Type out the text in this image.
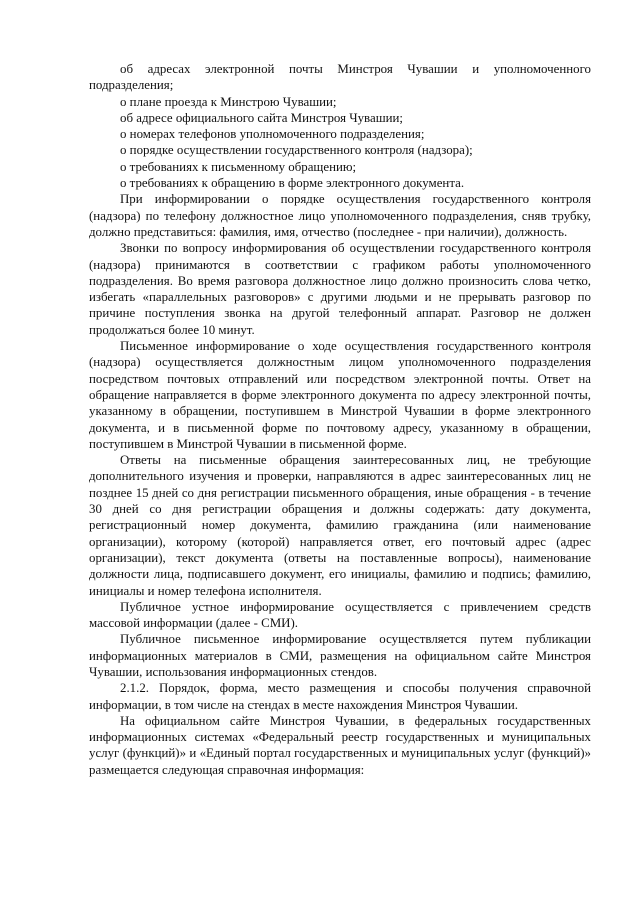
об адресах электронной почты Минстроя Чувашии и уполномоченного подразделения;

о плане проезда к Минстрою Чувашии;

об адресе официального сайта Минстроя Чувашии;

о номерах телефонов уполномоченного подразделения;

о порядке осуществлении государственного контроля (надзора);

о требованиях к письменному обращению;

о требованиях к обращению в форме электронного документа.

При информировании о порядке осуществления государственного контроля (надзора) по телефону должностное лицо уполномоченного подразделения, сняв трубку, должно представиться: фамилия, имя, отчество (последнее - при наличии), должность.

Звонки по вопросу информирования об осуществлении государственного контроля (надзора) принимаются в соответствии с графиком работы уполномоченного подразделения. Во время разговора должностное лицо должно произносить слова четко, избегать «параллельных разговоров» с другими людьми и не прерывать разговор по причине поступления звонка на другой телефонный аппарат. Разговор не должен продолжаться более 10 минут.

Письменное информирование о ходе осуществления государственного контроля (надзора) осуществляется должностным лицом уполномоченного подразделения посредством почтовых отправлений или посредством электронной почты. Ответ на обращение направляется в форме электронного документа по адресу электронной почты, указанному в обращении, поступившем в Минстрой Чувашии в форме электронного документа, и в письменной форме по почтовому адресу, указанному в обращении, поступившем в Минстрой Чувашии в письменной форме.

Ответы на письменные обращения заинтересованных лиц, не требующие дополнительного изучения и проверки, направляются в адрес заинтересованных лиц не позднее 15 дней со дня регистрации письменного обращения, иные обращения - в течение 30 дней со дня регистрации обращения и должны содержать: дату документа, регистрационный номер документа, фамилию гражданина (или наименование организации), которому (которой) направляется ответ, его почтовый адрес (адрес организации), текст документа (ответы на поставленные вопросы), наименование должности лица, подписавшего документ, его инициалы, фамилию и подпись; фамилию, инициалы и номер телефона исполнителя.

Публичное устное информирование осуществляется с привлечением средств массовой информации (далее - СМИ).

Публичное письменное информирование осуществляется путем публикации информационных материалов в СМИ, размещения на официальном сайте Минстроя Чувашии, использования информационных стендов.

2.1.2. Порядок, форма, место размещения и способы получения справочной информации, в том числе на стендах в месте нахождения Минстроя Чувашии.

На официальном сайте Минстроя Чувашии, в федеральных государственных информационных системах «Федеральный реестр государственных и муниципальных услуг (функций)» и «Единый портал государственных и муниципальных услуг (функций)» размещается следующая справочная информация:
